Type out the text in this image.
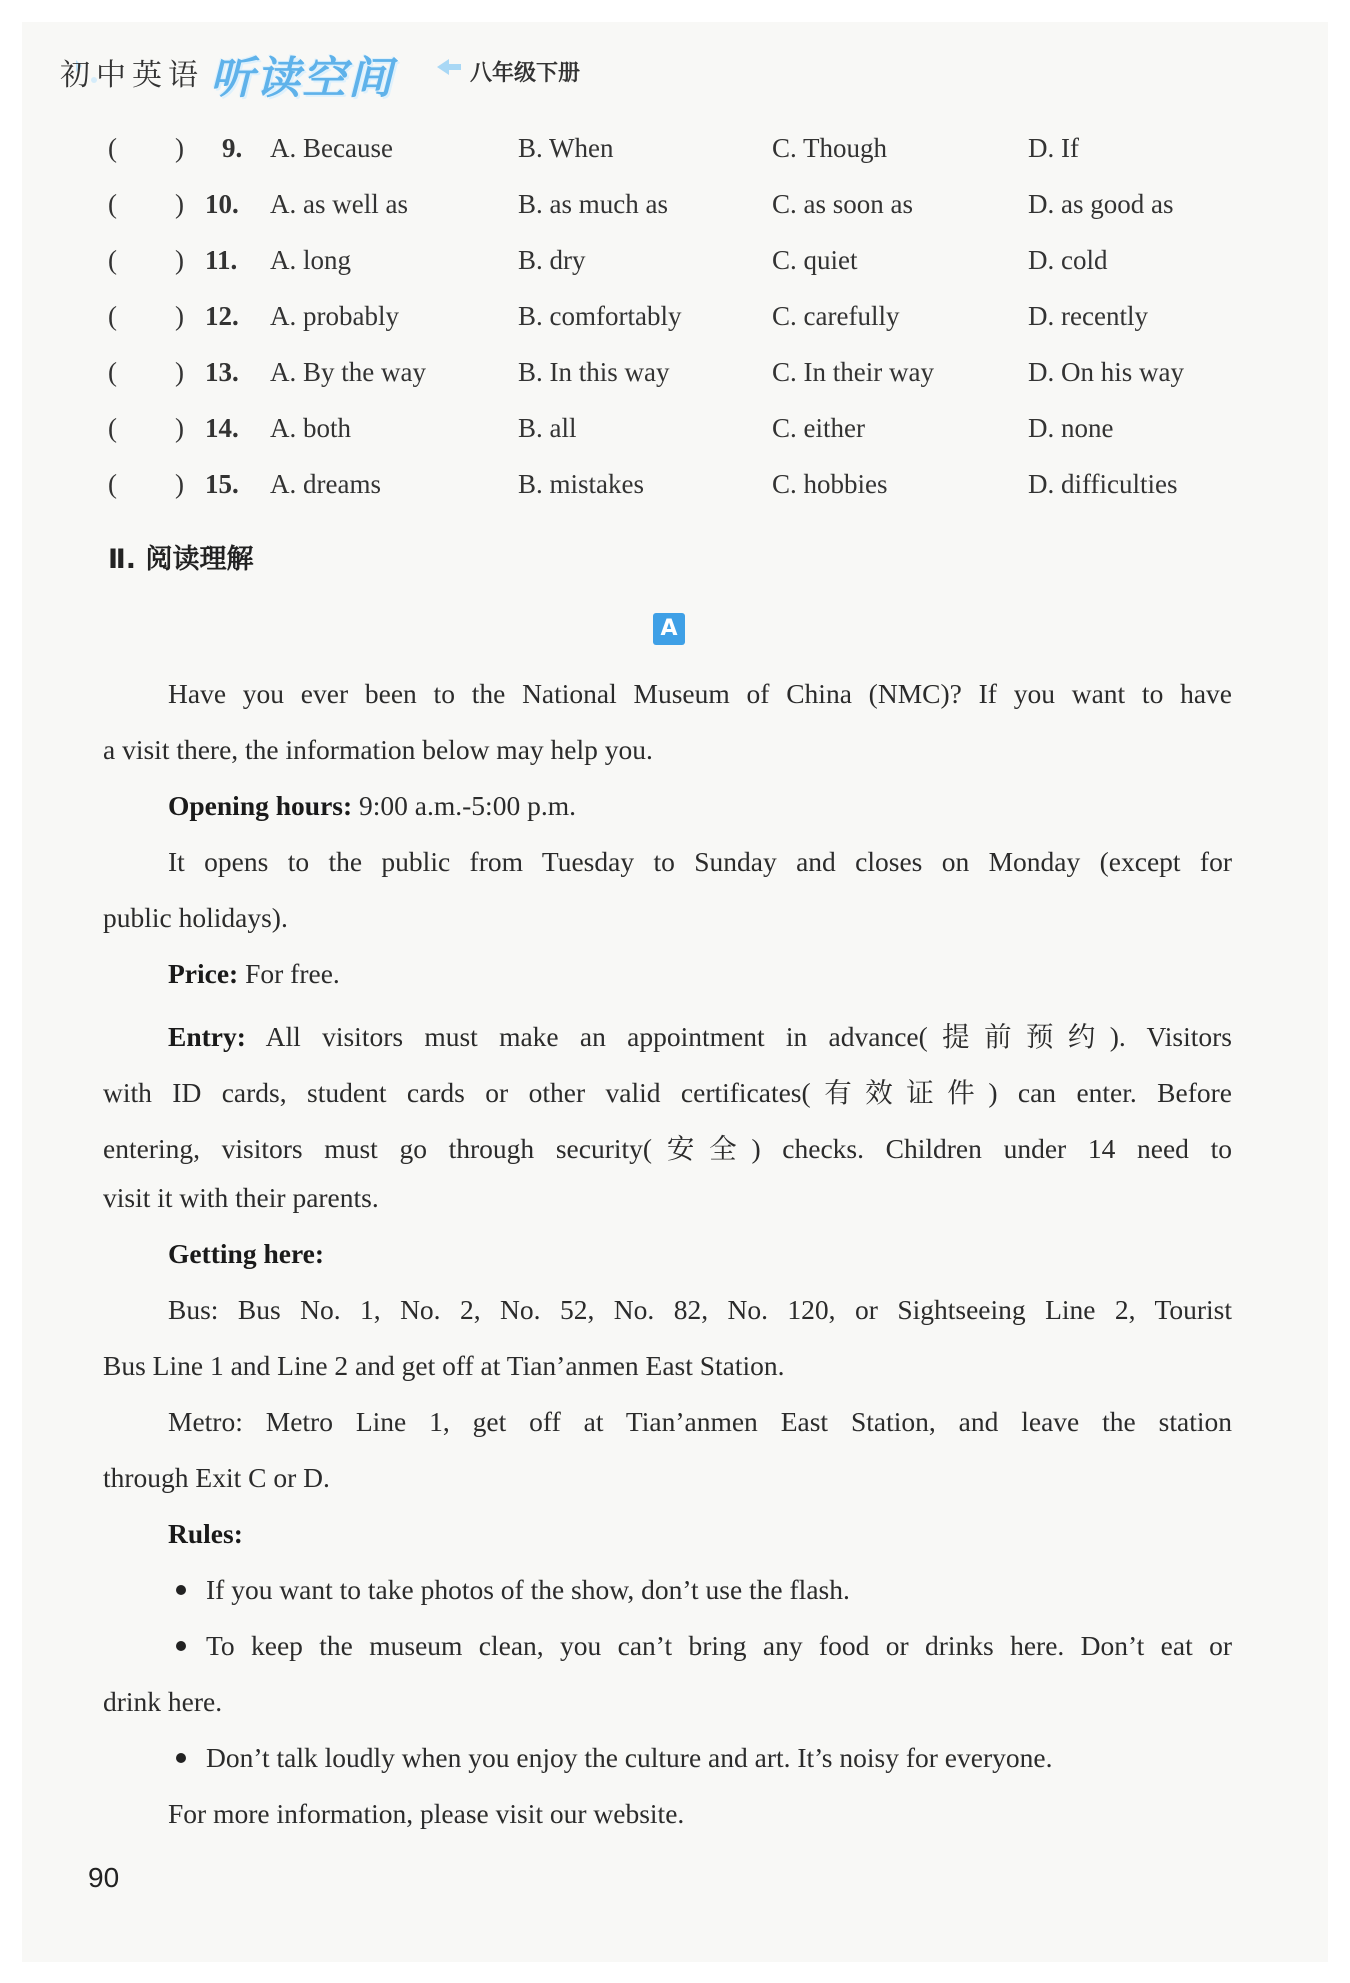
初中英语 听读空间	八年级下册
( ) 9. A. Because	B. When	C. Though	D. If
( ) 10. A. as well as	B. as much as	C. as soon as	D. as good as
( ) 11. A. long	B. dry	C. quiet	D. cold
( ) 12. A. probably	B. comfortably	C. carefully	D. recently
( ) 13. A. By the way	B. In this way	C. In their way	D. On his way
( ) 14. A. both	B. all	C. either	D. none
( ) 15. A. dreams	B. mistakes	C. hobbies	D. difficulties
Ⅱ. 阅读理解
A
Have you ever been to the National Museum of China (NMC)? If you want to have
a visit there, the information below may help you.
Opening hours: 9:00 a.m.-5:00 p.m.
It opens to the public from Tuesday to Sunday and closes on Monday (except for
public holidays).
Price: For free.
Entry: All visitors must make an appointment in advance(提前预约). Visitors
with ID cards, student cards or other valid certificates(有效证件) can enter. Before
entering, visitors must go through security(安全) checks. Children under 14 need to
visit it with their parents.
Getting here:
Bus: Bus No. 1, No. 2, No. 52, No. 82, No. 120, or Sightseeing Line 2, Tourist
Bus Line 1 and Line 2 and get off at Tian’anmen East Station.
Metro: Metro Line 1, get off at Tian’anmen East Station, and leave the station
through Exit C or D.
Rules:
If you want to take photos of the show, don’t use the flash.
To keep the museum clean, you can’t bring any food or drinks here. Don’t eat or
drink here.
Don’t talk loudly when you enjoy the culture and art. It’s noisy for everyone.
For more information, please visit our website.
90
